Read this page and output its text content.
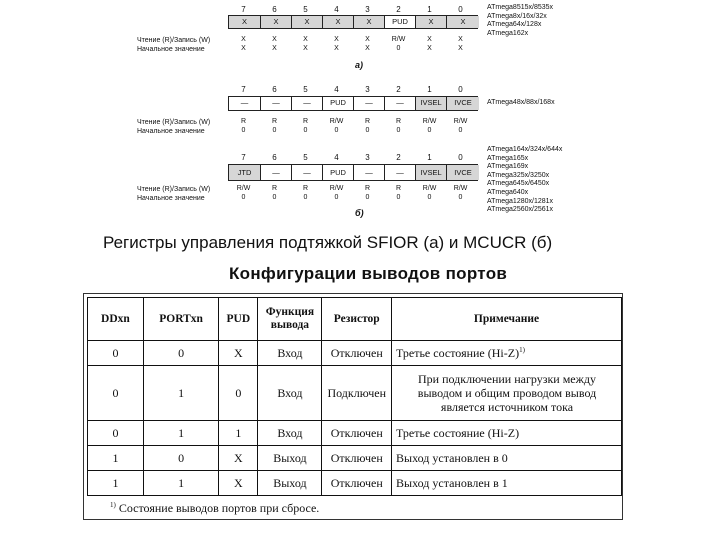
7	6	5	4	3	2	1	0
X	X	X	X	X	PUD	X	X
Чтение (R)/Запись (W)
Начальное значение
X	X	X	X	X	R/W	X	X
X	X	X	X	X	0	X	X
а)
ATmega8515x/8535x
ATmega8x/16x/32x
ATmega64x/128x
ATmega162x
7	6	5	4	3	2	1	0
—	—	—	PUD	—	—	IVSEL	IVCE
Чтение (R)/Запись (W)
Начальное значение
R	R	R	R/W	R	R	R/W	R/W
0	0	0	0	0	0	0	0
ATmega48x/88x/168x
7	6	5	4	3	2	1	0
JTD	—	—	PUD	—	—	IVSEL	IVCE
Чтение (R)/Запись (W)
Начальное значение
R/W	R	R	R/W	R	R	R/W	R/W
0	0	0	0	0	0	0	0
б)
ATmega164x/324x/644x
ATmega165x
ATmega169x
ATmega325x/3250x
ATmega645x/6450x
ATmega640x
ATmega1280x/1281x
ATmega2560x/2561x
Регистры управления подтяжкой SFIOR (а) и MCUCR (б)
Конфигурации выводов портов
DDxn	PORTxn	PUD	Функция вывода	Резистор	Примечание
0	0	X	Вход	Отключен	Третье состояние $(Hi-Z)^{1)}$
0	1	0	Вход	Подключен	При подключении нагрузки между выводом и общим проводом вывод является источником тока
0	1	1	Вход	Отключен	Третье состояние (Hi-Z)
1	0	X	Выход	Отключен	Выход установлен в 0
1	1	X	Выход	Отключен	Выход установлен в 1
$^{1)}$ Состояние выводов портов при сбросе.
